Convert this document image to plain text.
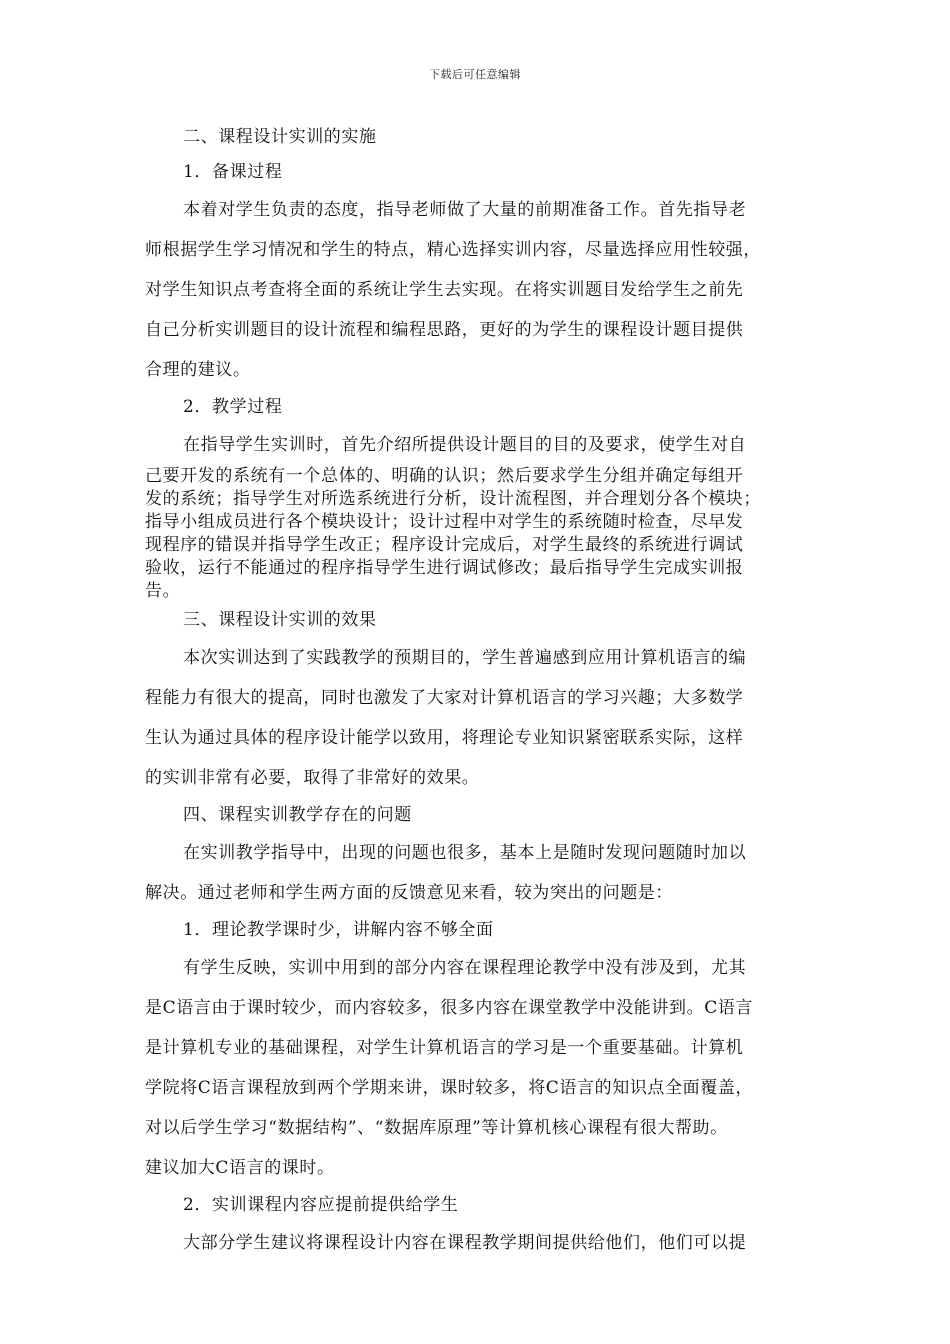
下载后可任意编辑
二、课程设计实训的实施
1．备课过程
本着对学生负责的态度，指导老师做了大量的前期准备工作。首先指导老
师根据学生学习情况和学生的特点，精心选择实训内容，尽量选择应用性较强，
对学生知识点考查将全面的系统让学生去实现。在将实训题目发给学生之前先
自己分析实训题目的设计流程和编程思路，更好的为学生的课程设计题目提供
合理的建议。
2．教学过程
在指导学生实训时，首先介绍所提供设计题目的目的及要求，使学生对自
己要开发的系统有一个总体的、明确的认识；然后要求学生分组并确定每组开
发的系统；指导学生对所选系统进行分析，设计流程图，并合理划分各个模块；
指导小组成员进行各个模块设计；设计过程中对学生的系统随时检查，尽早发
现程序的错误并指导学生改正；程序设计完成后，对学生最终的系统进行调试
验收，运行不能通过的程序指导学生进行调试修改；最后指导学生完成实训报
告。
三、课程设计实训的效果
本次实训达到了实践教学的预期目的，学生普遍感到应用计算机语言的编
程能力有很大的提高，同时也激发了大家对计算机语言的学习兴趣；大多数学
生认为通过具体的程序设计能学以致用，将理论专业知识紧密联系实际，这样
的实训非常有必要，取得了非常好的效果。
四、课程实训教学存在的问题
在实训教学指导中，出现的问题也很多，基本上是随时发现问题随时加以
解决。通过老师和学生两方面的反馈意见来看，较为突出的问题是：
1．理论教学课时少，讲解内容不够全面
有学生反映，实训中用到的部分内容在课程理论教学中没有涉及到，尤其
是C语言由于课时较少，而内容较多，很多内容在课堂教学中没能讲到。C语言
是计算机专业的基础课程，对学生计算机语言的学习是一个重要基础。计算机
学院将C语言课程放到两个学期来讲，课时较多，将C语言的知识点全面覆盖，
对以后学生学习“数据结构”、“数据库原理”等计算机核心课程有很大帮助。
建议加大C语言的课时。
2．实训课程内容应提前提供给学生
大部分学生建议将课程设计内容在课程教学期间提供给他们，他们可以提
